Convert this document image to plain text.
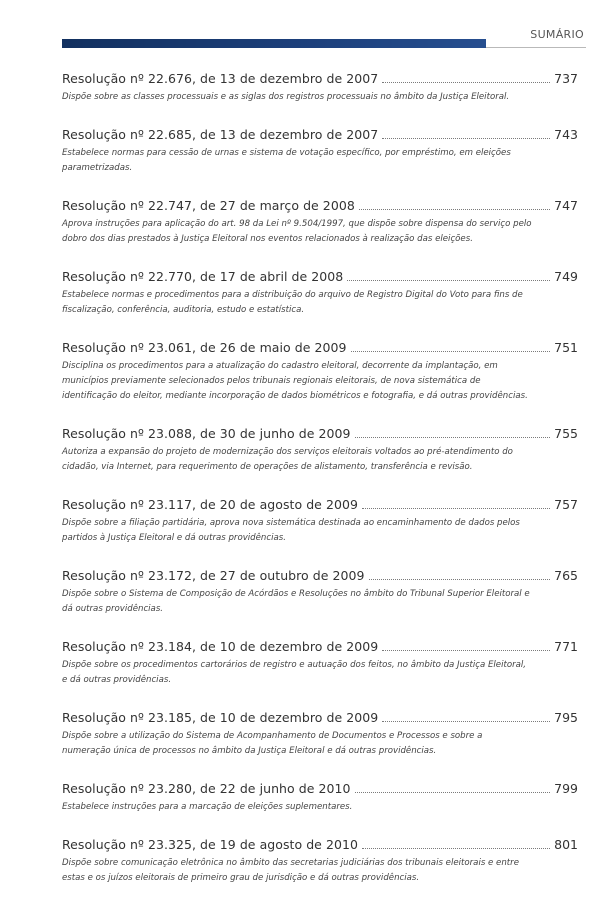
SUMÁRIO
Resolução nº 22.676, de 13 de dezembro de 2007	737
Dispõe sobre as classes processuais e as siglas dos registros processuais no âmbito da Justiça Eleitoral.
Resolução nº 22.685, de 13 de dezembro de 2007	743
Estabelece normas para cessão de urnas e sistema de votação específico, por empréstimo, em eleições parametrizadas.
Resolução nº 22.747, de 27 de março de 2008	747
Aprova instruções para aplicação do art. 98 da Lei nº 9.504/1997, que dispõe sobre dispensa do serviço pelo dobro dos dias prestados à Justiça Eleitoral nos eventos relacionados à realização das eleições.
Resolução nº 22.770, de 17 de abril de 2008	749
Estabelece normas e procedimentos para a distribuição do arquivo de Registro Digital do Voto para fins de fiscalização, conferência, auditoria, estudo e estatística.
Resolução nº 23.061, de 26 de maio de 2009	751
Disciplina os procedimentos para a atualização do cadastro eleitoral, decorrente da implantação, em municípios previamente selecionados pelos tribunais regionais eleitorais, de nova sistemática de identificação do eleitor, mediante incorporação de dados biométricos e fotografia, e dá outras providências.
Resolução nº 23.088, de 30 de junho de 2009	755
Autoriza a expansão do projeto de modernização dos serviços eleitorais voltados ao pré-atendimento do cidadão, via Internet, para requerimento de operações de alistamento, transferência e revisão.
Resolução nº 23.117, de 20 de agosto de 2009	757
Dispõe sobre a filiação partidária, aprova nova sistemática destinada ao encaminhamento de dados pelos partidos à Justiça Eleitoral e dá outras providências.
Resolução nº 23.172, de 27 de outubro de 2009	765
Dispõe sobre o Sistema de Composição de Acórdãos e Resoluções no âmbito do Tribunal Superior Eleitoral e dá outras providências.
Resolução nº 23.184, de 10 de dezembro de 2009	771
Dispõe sobre os procedimentos cartorários de registro e autuação dos feitos, no âmbito da Justiça Eleitoral, e dá outras providências.
Resolução nº 23.185, de 10 de dezembro de 2009	795
Dispõe sobre a utilização do Sistema de Acompanhamento de Documentos e Processos e sobre a numeração única de processos no âmbito da Justiça Eleitoral e dá outras providências.
Resolução nº 23.280, de 22 de junho de 2010	799
Estabelece instruções para a marcação de eleições suplementares.
Resolução nº 23.325, de 19 de agosto de 2010	801
Dispõe sobre comunicação eletrônica no âmbito das secretarias judiciárias dos tribunais eleitorais e entre estas e os juízos eleitorais de primeiro grau de jurisdição e dá outras providências.
